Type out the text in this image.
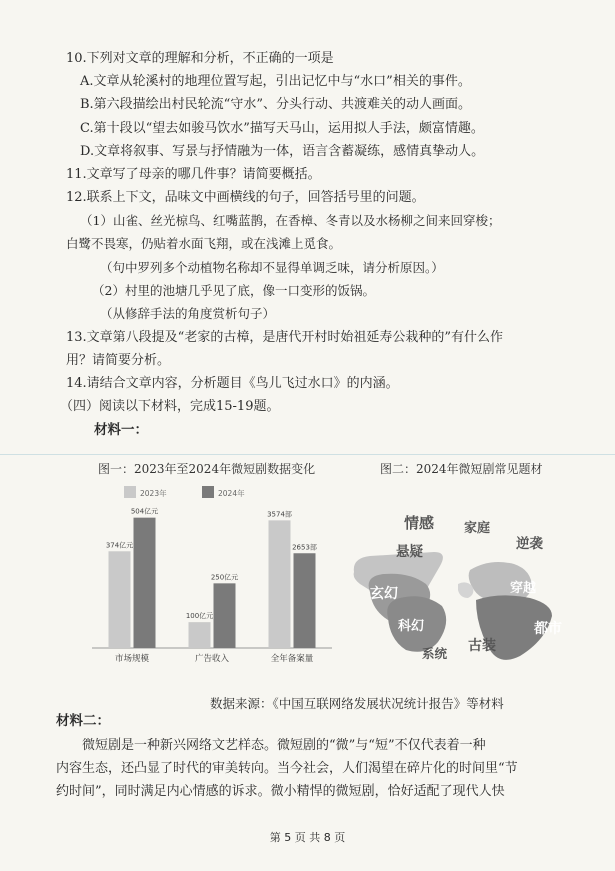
10.下列对文章的理解和分析，不正确的一项是
A.文章从轮溪村的地理位置写起，引出记忆中与“水口”相关的事件。
B.第六段描绘出村民轮流“守水”、分头行动、共渡难关的动人画面。
C.第十段以“望去如骏马饮水”描写天马山，运用拟人手法，颇富情趣。
D.文章将叙事、写景与抒情融为一体，语言含蓄凝练，感情真挚动人。
11.文章写了母亲的哪几件事？请简要概括。
12.联系上下文，品味文中画横线的句子，回答括号里的问题。
（1）山雀、丝光椋鸟、红嘴蓝鹊，在香樟、冬青以及水杨柳之间来回穿梭；
白鹭不畏寒，仍贴着水面飞翔，或在浅滩上觅食。
（句中罗列多个动植物名称却不显得单调乏味，请分析原因。）
（2）村里的池塘几乎见了底，像一口变形的饭锅。
（从修辞手法的角度赏析句子）
13.文章第八段提及“老家的古樟，是唐代开村时始祖延寿公栽种的”有什么作
用？请简要分析。
14.请结合文章内容，分析题目《鸟儿飞过水口》的内涵。
（四）阅读以下材料，完成15-19题。
材料一：
图一：2023年至2024年微短剧数据变化	图二：2024年微短剧常见题材
2023年	2024年
374亿元
504亿元
市场规模
100亿元
250亿元
广告收入
3574部
2653部
全年备案量
情感 家庭
悬疑	逆袭
玄幻	穿越
科幻	都市
古装
系统
数据来源：《中国互联网络发展状况统计报告》等材料
材料二：
微短剧是一种新兴网络文艺样态。微短剧的“微”与“短”不仅代表着一种
内容生态，还凸显了时代的审美转向。当今社会，人们渴望在碎片化的时间里“节
约时间”，同时满足内心情感的诉求。微小精悍的微短剧，恰好适配了现代人快
第 5 页 共 8 页
